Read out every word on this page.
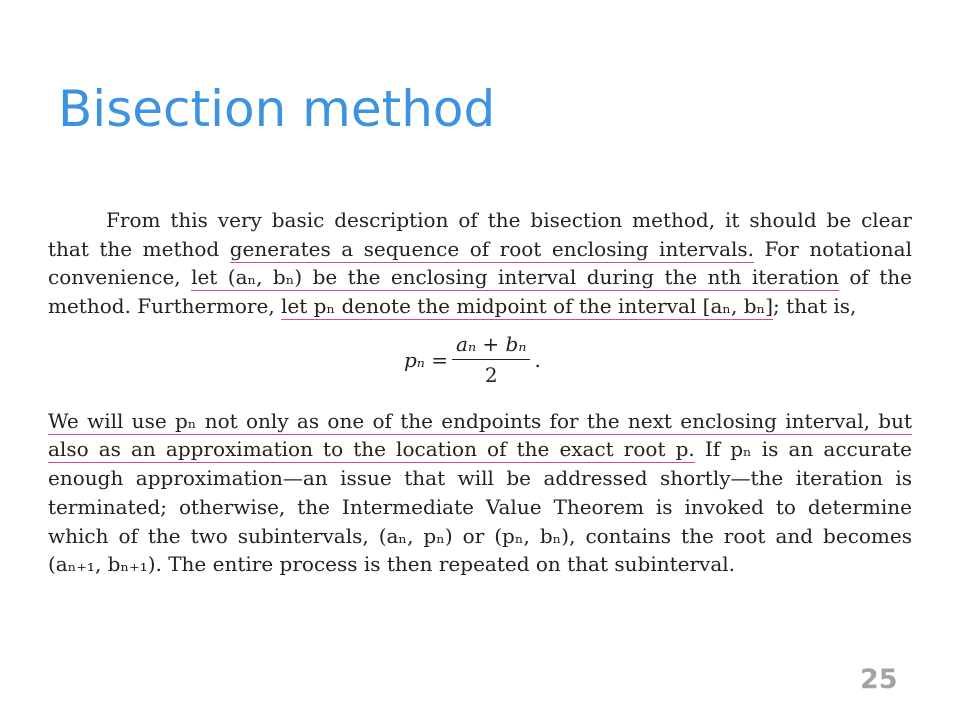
Bisection method
From this very basic description of the bisection method, it should be clear
that the method generates a sequence of root enclosing intervals. For notational
convenience, let (aₙ, bₙ) be the enclosing interval during the nth iteration of the
method. Furthermore, let pₙ denote the midpoint of the interval [aₙ, bₙ]; that is,
$p_n = \frac{\text{aₙ + bₙ}}{2}$ .
We will use pₙ not only as one of the endpoints for the next enclosing interval, but
also as an approximation to the location of the exact root p. If pₙ is an accurate
enough approximation—an issue that will be addressed shortly—the iteration is
terminated; otherwise, the Intermediate Value Theorem is invoked to determine
which of the two subintervals, (aₙ, pₙ) or (pₙ, bₙ), contains the root and becomes
(aₙ₊₁, bₙ₊₁). The entire process is then repeated on that subinterval.
25
